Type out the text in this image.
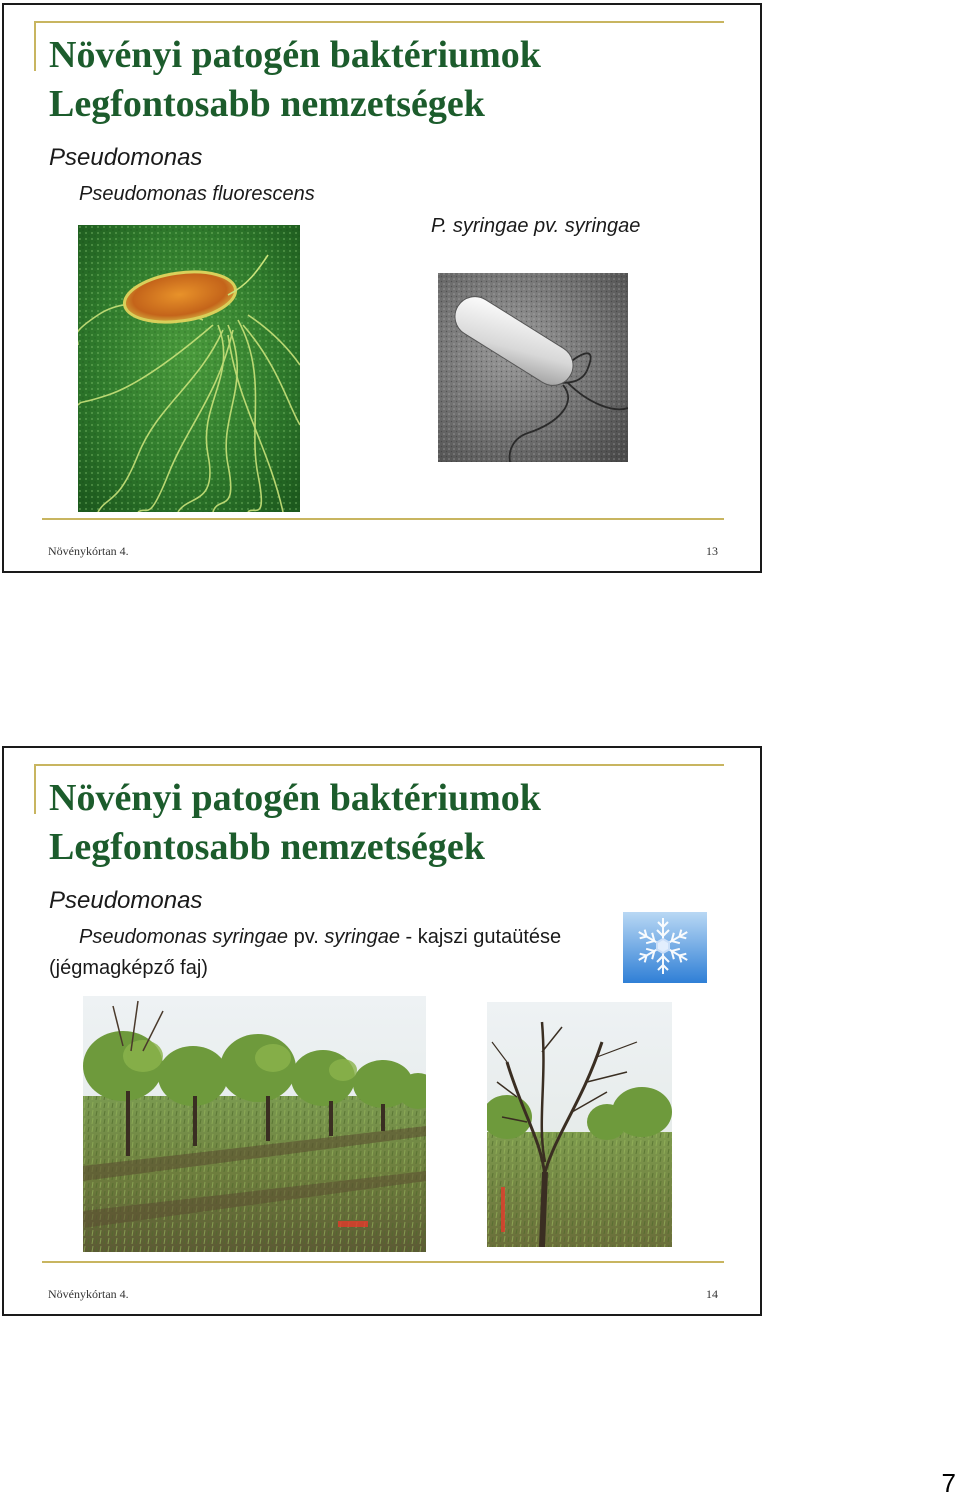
Növényi patogén baktériumok
Legfontosabb nemzetségek
Pseudomonas
Pseudomonas fluorescens
P. syringae pv. syringae
Növénykórtan 4.	13
Növényi patogén baktériumok
Legfontosabb nemzetségek
Pseudomonas
Pseudomonas syringae pv. syringae - kajszi gutaütése
(jégmagképző faj)
Növénykórtan 4.	14
7
